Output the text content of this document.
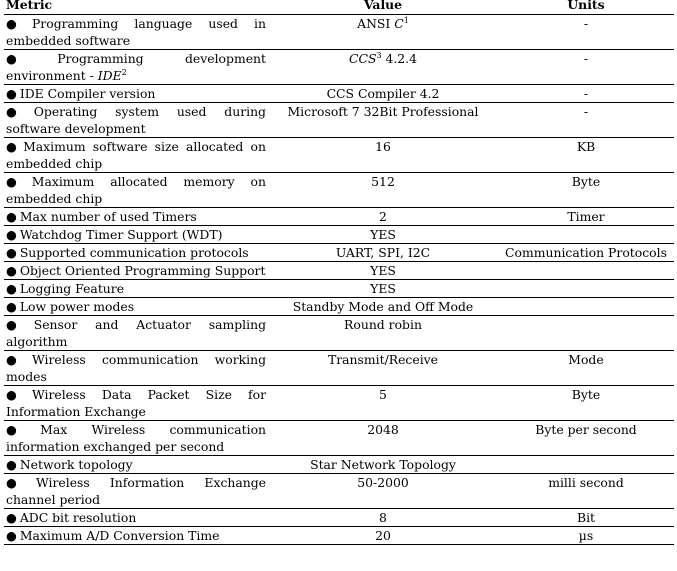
Metric	Value	Units
● Programming language used in embedded software	ANSI $C^1$	-
● Programming development environment - IDE$^2$	CCS$^3$ 4.2.4	-
● IDE Compiler version	CCS Compiler 4.2	-
● Operating system used during software development	Microsoft 7 32Bit Professional	-
● Maximum software size allocated on embedded chip	16	KB
● Maximum allocated memory on embedded chip	512	Byte
● Max number of used Timers	2	Timer
● Watchdog Timer Support (WDT)	YES	
● Supported communication protocols	UART, SPI, I2C	Communication Protocols
● Object Oriented Programming Support	YES	
● Logging Feature	YES	
● Low power modes	Standby Mode and Off Mode	
● Sensor and Actuator sampling algorithm	Round robin	
● Wireless communication working modes	Transmit/Receive	Mode
● Wireless Data Packet Size for Information Exchange	5	Byte
● Max Wireless communication information exchanged per second	2048	Byte per second
● Network topology	Star Network Topology	
● Wireless Information Exchange channel period	50-2000	milli second
● ADC bit resolution	8	Bit
● Maximum A/D Conversion Time	20	µs
